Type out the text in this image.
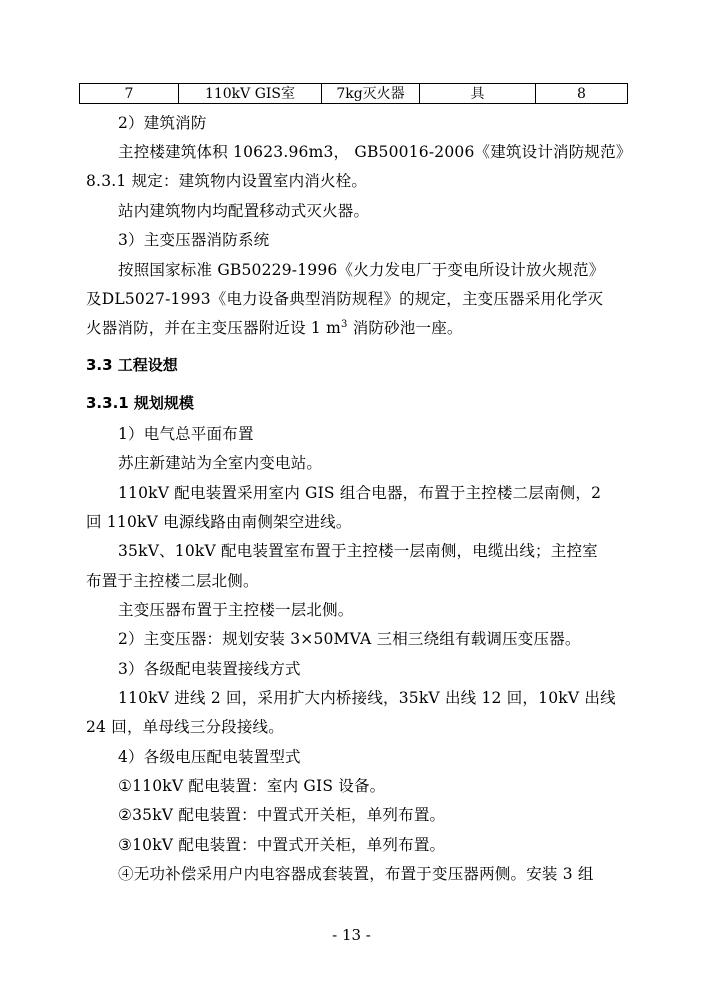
7	110kV GIS室	7kg灭火器	具	8
2）建筑消防
主控楼建筑体积 10623.96m3， GB50016-2006《建筑设计消防规范》
8.3.1 规定：建筑物内设置室内消火栓。
站内建筑物内均配置移动式灭火器。
3）主变压器消防系统
按照国家标准 GB50229-1996《火力发电厂于变电所设计放火规范》
及DL5027-1993《电力设备典型消防规程》的规定，主变压器采用化学灭
火器消防，并在主变压器附近设 1 $m^3$ 消防砂池一座。
3.3 工程设想
3.3.1 规划规模
1）电气总平面布置
苏庄新建站为全室内变电站。
110kV 配电装置采用室内 GIS 组合电器，布置于主控楼二层南侧，2
回 110kV 电源线路由南侧架空进线。
35kV、10kV 配电装置室布置于主控楼一层南侧，电缆出线；主控室
布置于主控楼二层北侧。
主变压器布置于主控楼一层北侧。
2）主变压器：规划安装 3×50MVA 三相三绕组有载调压变压器。
3）各级配电装置接线方式
110kV 进线 2 回，采用扩大内桥接线，35kV 出线 12 回，10kV 出线
24 回，单母线三分段接线。
4）各级电压配电装置型式
①110kV 配电装置：室内 GIS 设备。
②35kV 配电装置：中置式开关柜，单列布置。
③10kV 配电装置：中置式开关柜，单列布置。
④无功补偿采用户内电容器成套装置，布置于变压器两侧。安装 3 组
- 13 -
